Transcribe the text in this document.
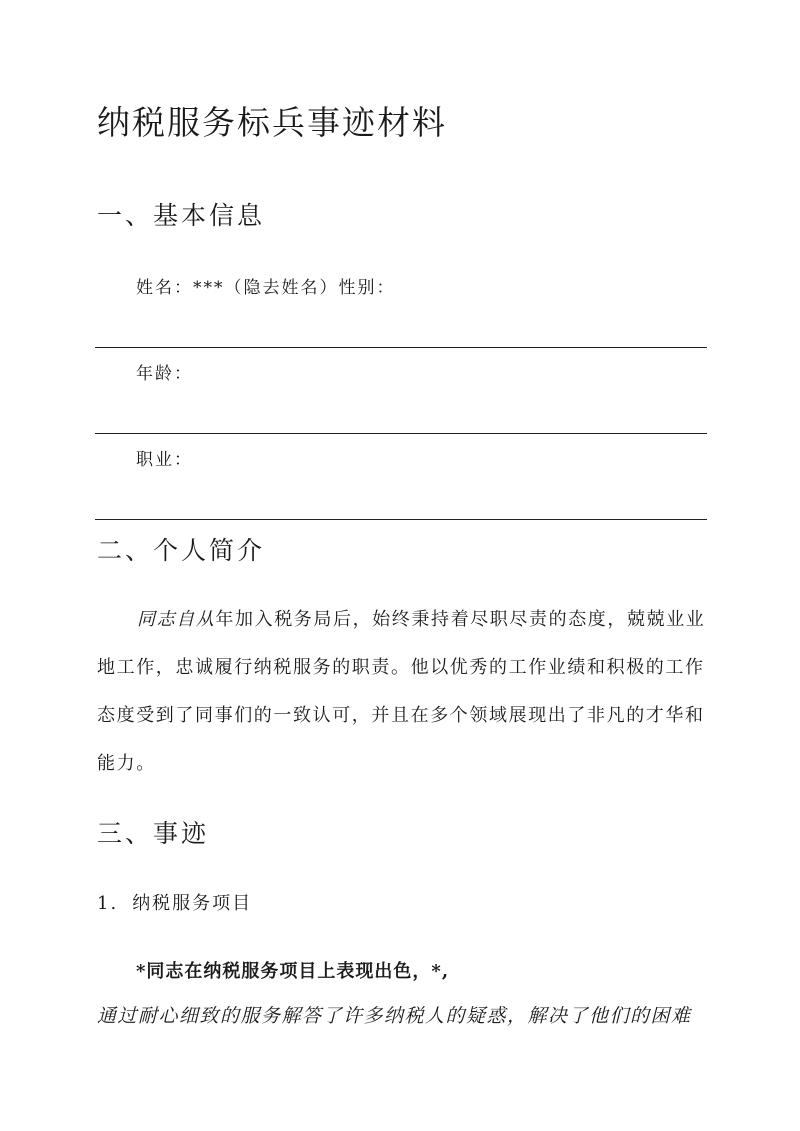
纳税服务标兵事迹材料
一、基本信息
姓名：***（隐去姓名）性别：
年龄：
职业：
二、个人简介

同志自从年加入税务局后，始终秉持着尽职尽责的态度，兢兢业业地工作，忠诚履行纳税服务的职责。他以优秀的工作业绩和积极的工作态度受到了同事们的一致认可，并且在多个领域展现出了非凡的才华和能力。

三、事迹
1. 纳税服务项目
*同志在纳税服务项目上表现出色，*,
通过耐心细致的服务解答了许多纳税人的疑惑，解决了他们的困难
